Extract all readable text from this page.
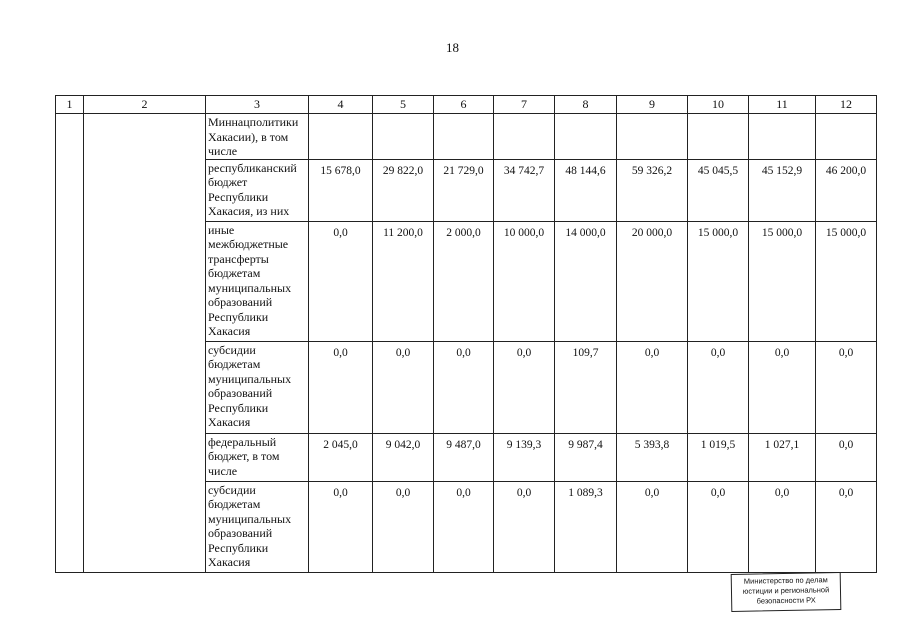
18
1	2	3	4	5	6	7	8	9	10	11	12
		Миннацполитики Хакасии), в том числе									
		республиканский бюджет Республики Хакасия, из них	15 678,0	29 822,0	21 729,0	34 742,7	48 144,6	59 326,2	45 045,5	45 152,9	46 200,0
		иные межбюджетные трансферты бюджетам муниципальных образований Республики Хакасия	0,0	11 200,0	2 000,0	10 000,0	14 000,0	20 000,0	15 000,0	15 000,0	15 000,0
		субсидии бюджетам муниципальных образований Республики Хакасия	0,0	0,0	0,0	0,0	109,7	0,0	0,0	0,0	0,0
		федеральный бюджет, в том числе	2 045,0	9 042,0	9 487,0	9 139,3	9 987,4	5 393,8	1 019,5	1 027,1	0,0
		субсидии бюджетам муниципальных образований Республики Хакасия	0,0	0,0	0,0	0,0	1 089,3	0,0	0,0	0,0	0,0
Министерство по делам
юстиции и региональной
безопасности РХ
